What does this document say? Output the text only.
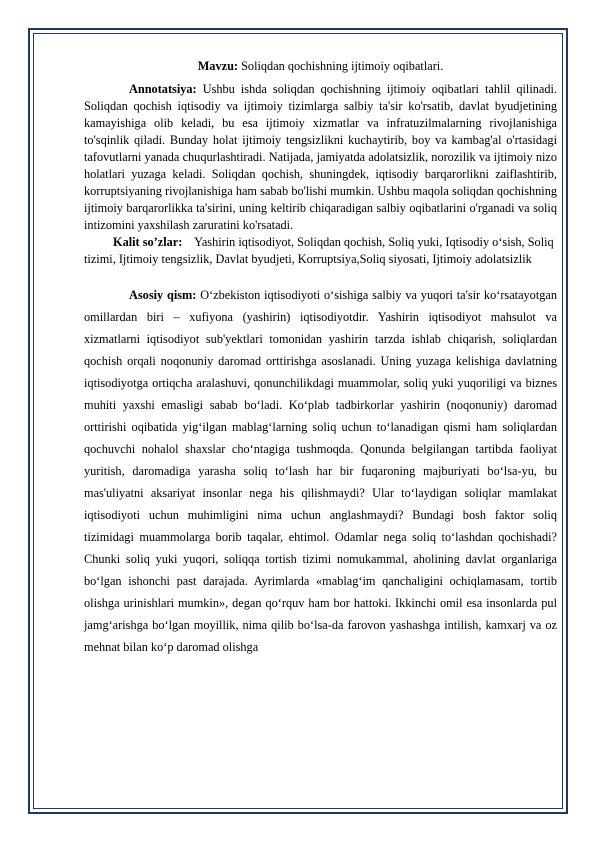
Mavzu: Soliqdan qochishning ijtimoiy oqibatlari.

Annotatsiya: Ushbu ishda soliqdan qochishning ijtimoiy oqibatlari tahlil qilinadi. Soliqdan qochish iqtisodiy va ijtimoiy tizimlarga salbiy ta'sir ko'rsatib, davlat byudjetining kamayishiga olib keladi, bu esa ijtimoiy xizmatlar va infratuzilmalarning rivojlanishiga to'sqinlik qiladi. Bunday holat ijtimoiy tengsizlikni kuchaytirib, boy va kambag'al o'rtasidagi tafovutlarni yanada chuqurlashtiradi. Natijada, jamiyatda adolatsizlik, norozilik va ijtimoiy nizo holatlari yuzaga keladi. Soliqdan qochish, shuningdek, iqtisodiy barqarorlikni zaiflashtirib, korruptsiyaning rivojlanishiga ham sabab bo'lishi mumkin. Ushbu maqola soliqdan qochishning ijtimoiy barqarorlikka ta'sirini, uning keltirib chiqaradigan salbiy oqibatlarini o'rganadi va soliq intizomini yaxshilash zaruratini ko'rsatadi.

Kalit so’zlar: Yashirin iqtisodiyot, Soliqdan qochish, Soliq yuki, Iqtisodiy o‘sish, Soliq tizimi, Ijtimoiy tengsizlik, Davlat byudjeti, Korruptsiya,Soliq siyosati, Ijtimoiy adolatsizlik

Asosiy qism: O‘zbekiston iqtisodiyoti o‘sishiga salbiy va yuqori ta'sir ko‘rsatayotgan omillardan biri – xufiyona (yashirin) iqtisodiyotdir. Yashirin iqtisodiyot mahsulot va xizmatlarni iqtisodiyot sub'yektlari tomonidan yashirin tarzda ishlab chiqarish, soliqlardan qochish orqali noqonuniy daromad orttirishga asoslanadi. Uning yuzaga kelishiga davlatning iqtisodiyotga ortiqcha aralashuvi, qonunchilikdagi muammolar, soliq yuki yuqoriligi va biznes muhiti yaxshi emasligi sabab bo‘ladi. Ko‘plab tadbirkorlar yashirin (noqonuniy) daromad orttirishi oqibatida yig‘ilgan mablag‘larning soliq uchun to‘lanadigan qismi ham soliqlardan qochuvchi nohalol shaxslar cho‘ntagiga tushmoqda. Qonunda belgilangan tartibda faoliyat yuritish, daromadiga yarasha soliq to‘lash har bir fuqaroning majburiyati bo‘lsa-yu, bu mas'uliyatni aksariyat insonlar nega his qilishmaydi? Ular to‘laydigan soliqlar mamlakat iqtisodiyoti uchun muhimligini nima uchun anglashmaydi? Bundagi bosh faktor soliq tizimidagi muammolarga borib taqalar, ehtimol. Odamlar nega soliq to‘lashdan qochishadi? Chunki soliq yuki yuqori, soliqqa tortish tizimi nomukammal, aholining davlat organlariga bo‘lgan ishonchi past darajada. Ayrimlarda «mablag‘im qanchaligini ochiqlamasam, tortib olishga urinishlari mumkin», degan qo‘rquv ham bor hattoki. Ikkinchi omil esa insonlarda pul jamg‘arishga bo‘lgan moyillik, nima qilib bo‘lsa-da farovon yashashga intilish, kamxarj va oz mehnat bilan ko‘p daromad olishga
